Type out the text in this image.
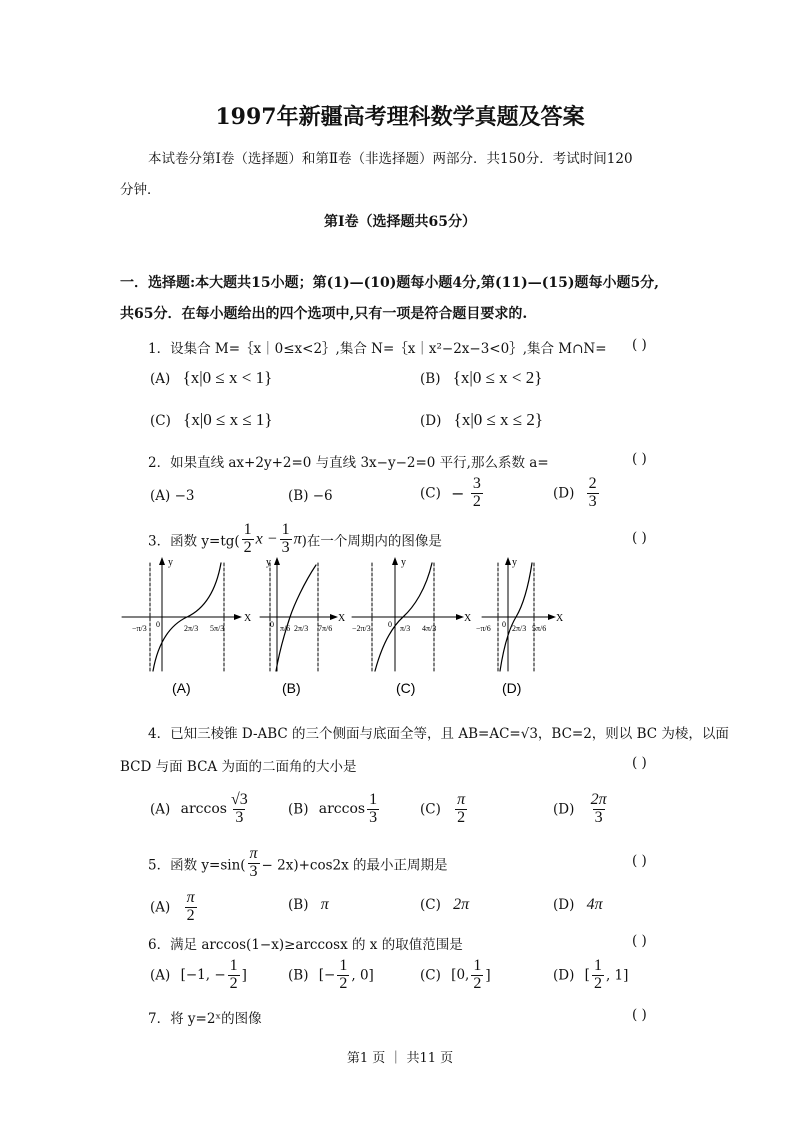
1997年新疆高考理科数学真题及答案
本试卷分第Ⅰ卷（选择题）和第Ⅱ卷（非选择题）两部分．共150分．考试时间120
分钟．
第Ⅰ卷（选择题共65分）
一．选择题:本大题共15小题；第(1)—(10)题每小题4分,第(11)—(15)题每小题5分,
共65分．在每小题给出的四个选项中,只有一项是符合题目要求的.
1．设集合 M=｛x｜0≤x<2｝,集合 N=｛x｜x²−2x−3<0｝,集合 M∩N= ( )
(A) {x|0 ≤ x < 1}	(B) {x|0 ≤ x < 2}
(C) {x|0 ≤ x ≤ 1}	(D) {x|0 ≤ x ≤ 2}
2．如果直线 ax+2y+2=0 与直线 3x−y−2=0 平行,那么系数 a=	( )
(A) −3	(B) −6	$(C) - \frac{3}{2}$	$(D) \frac{2}{3}$
3．函数 $y=tg( \frac{1}{2}$ $x - \frac{1}{3} \pi$)在一个周期内的图像是	( )
y
X
−π/3 0	2π/3 5π/3
(A)
y
X
0 π/6 2π/3 7π/6
(B)
y
X
−2π/3 0 π/3 4π/3
(C)
y
X
−π/6 0 2π/3 5π/6
(D)
4．已知三棱锥 D-ABC 的三个侧面与底面全等，且 AB=AC=√3，BC=2，则以 BC 为棱，以面
BCD 与面 BCA 为面的二面角的大小是	( )
(A) $\arccos \frac{√3}{3}$	(B) $\arccos \frac{1}{3}$	$(C) \frac{\pi}{2}$	$(D) \frac{2\pi}{3}$
5．函数 $y=\sin( \frac{\pi}{3} - 2x)+\cos 2x$ 的最小正周期是	( )
$(A) \frac{\pi}{2}$	(B) π	(C) 2π	(D) 4π
6．满足 arccos(1−x)≥arccosx 的 x 的取值范围是	( )
(A) [−1, − $\frac{1}{2}$ ]	(B) [− $\frac{1}{2}$ , 0]	(C) [0, $\frac{1}{2}$ ]	(D) [ $\frac{1}{2}$ , 1]
7．将 y=2ˣ的图像	( )
第1 页 ｜ 共11 页
